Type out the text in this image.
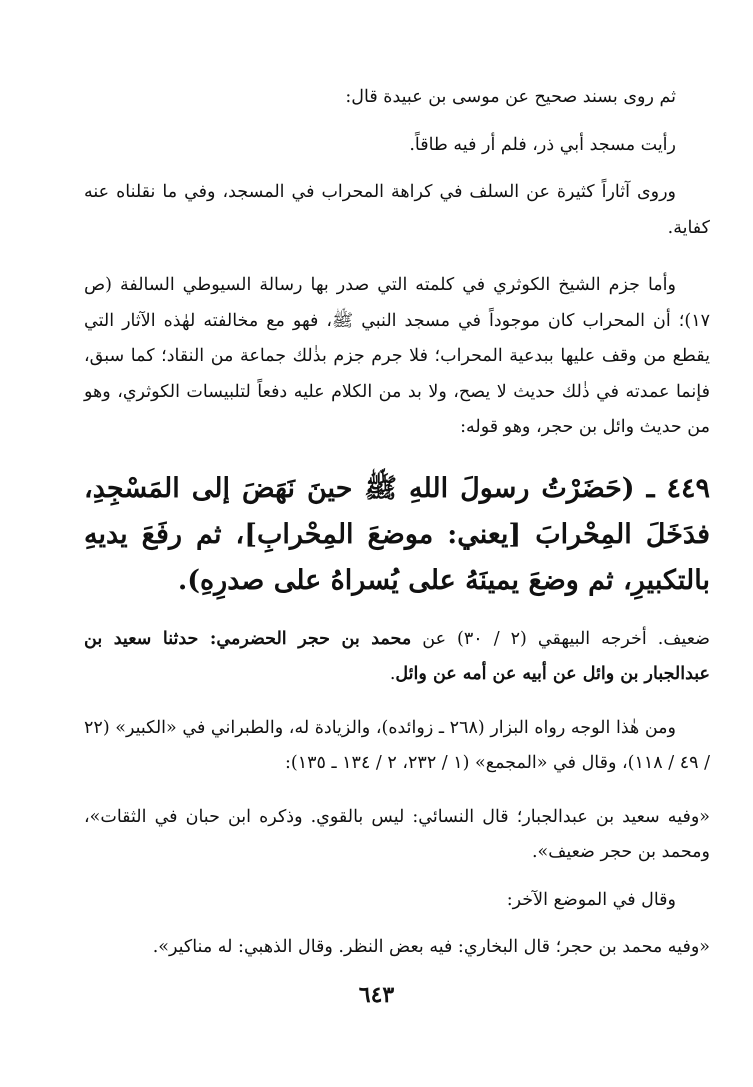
ثم روى بسند صحيح عن موسى بن عبيدة قال:

رأيت مسجد أبي ذر، فلم أر فيه طاقاً.

وروى آثاراً كثيرة عن السلف في كراهة المحراب في المسجد، وفي ما نقلناه عنه كفاية.

وأما جزم الشيخ الكوثري في كلمته التي صدر بها رسالة السيوطي السالفة (ص ١٧)؛ أن المحراب كان موجوداً في مسجد النبي ﷺ، فهو مع مخالفته لهٰذه الآثار التي يقطع من وقف عليها ببدعية المحراب؛ فلا جرم جزم بذٰلك جماعة من النقاد؛ كما سبق، فإنما عمدته في ذٰلك حديث لا يصح، ولا بد من الكلام عليه دفعاً لتلبيسات الكوثري، وهو من حديث وائل بن حجر، وهو قوله:

٤٤٩ ـ (حَضَرْتُ رسولَ اللهِ ﷺ حينَ نَهَضَ إلى المَسْجِدِ، فدَخَلَ المِحْرابَ [يعني: موضعَ المِحْرابِ]، ثم رفَعَ يديهِ بالتكبيرِ، ثم وضعَ يمينَهُ على يُسراهُ على صدرِهِ).

ضعيف. أخرجه البيهقي (٢ / ٣٠) عن محمد بن حجر الحضرمي: حدثنا سعيد بن عبدالجبار بن وائل عن أبيه عن أمه عن وائل.

ومن هٰذا الوجه رواه البزار (٢٦٨ ـ زوائده)، والزيادة له، والطبراني في «الكبير» (٢٢ / ٤٩ / ١١٨)، وقال في «المجمع» (١ / ٢٣٢، ٢ / ١٣٤ ـ ١٣٥):

«وفيه سعيد بن عبدالجبار؛ قال النسائي: ليس بالقوي. وذكره ابن حبان في الثقات»، ومحمد بن حجر ضعيف».

وقال في الموضع الآخر:

«وفيه محمد بن حجر؛ قال البخاري: فيه بعض النظر. وقال الذهبي: له مناكير».

٦٤٣
